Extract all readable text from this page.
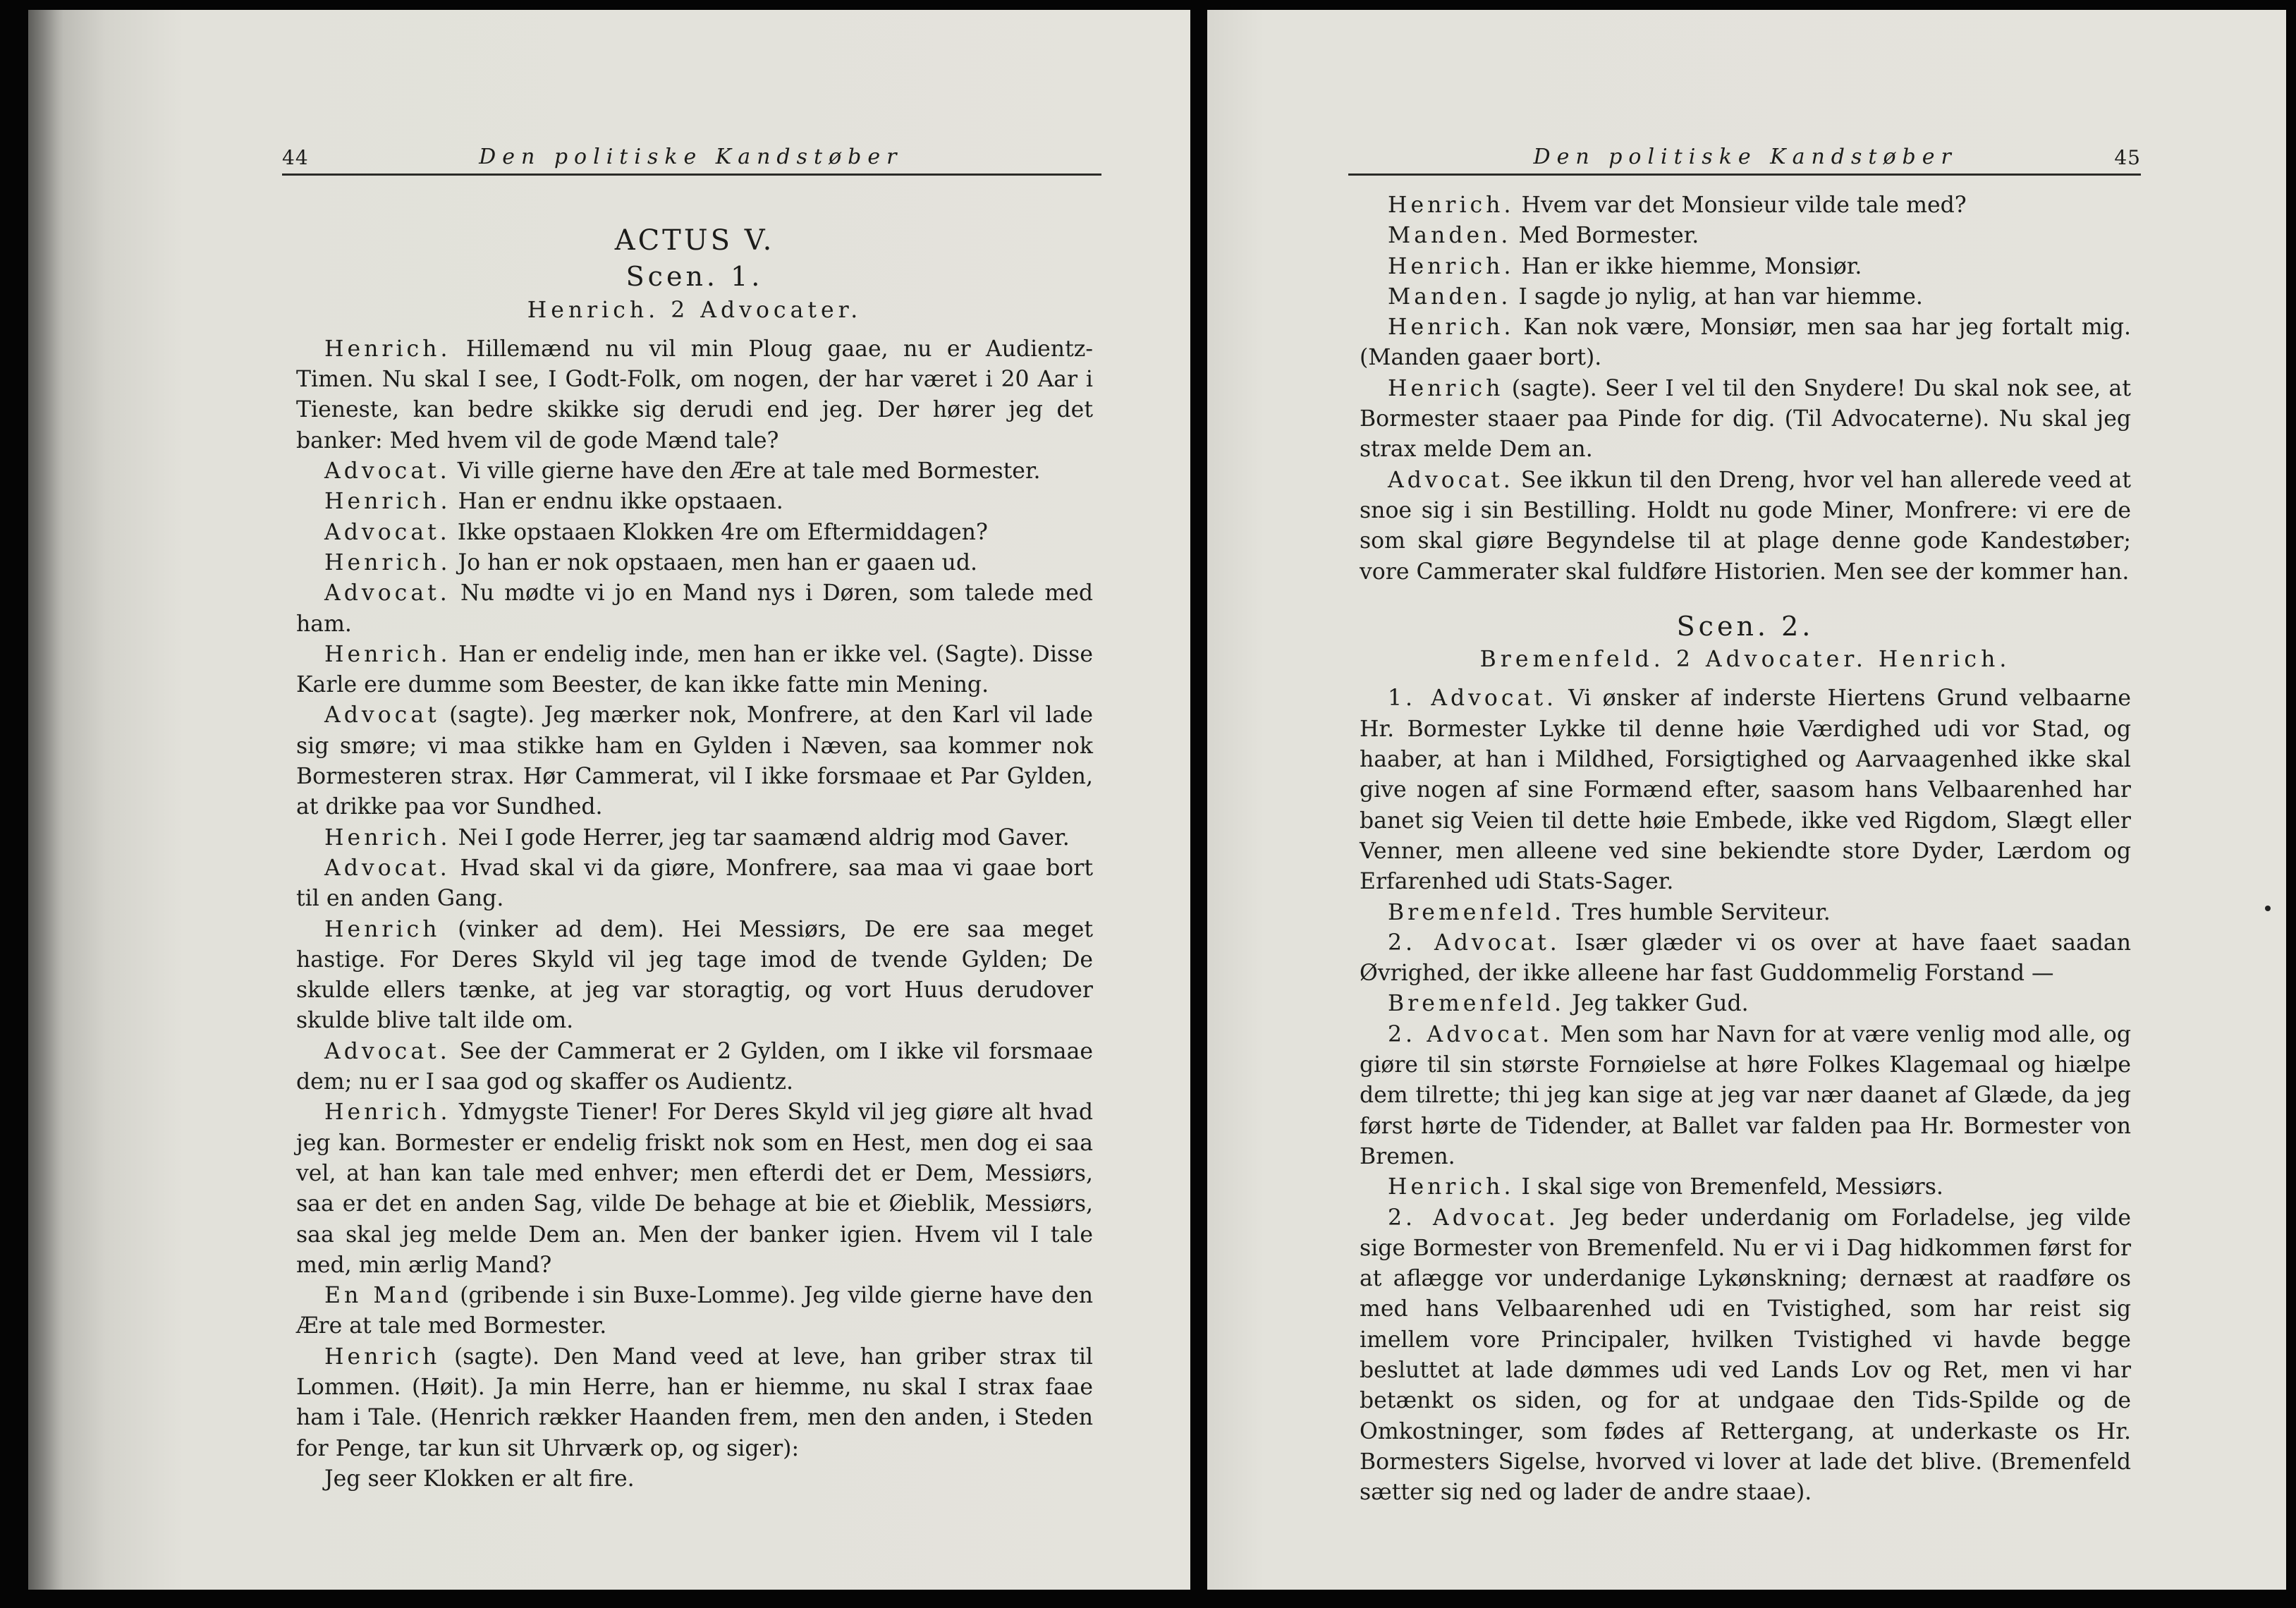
44	Den politiske Kandstøber

ACTUS V.

Scen. 1.

Henrich. 2 Advocater.

Henrich. Hillemænd nu vil min Ploug gaae, nu er Audientz-Timen. Nu skal I see, I Godt-Folk, om nogen, der har været i 20 Aar i Tieneste, kan bedre skikke sig derudi end jeg. Der hører jeg det banker: Med hvem vil de gode Mænd tale?

Advocat. Vi ville gierne have den Ære at tale med Bormester.

Henrich. Han er endnu ikke opstaaen.

Advocat. Ikke opstaaen Klokken 4re om Eftermiddagen?

Henrich. Jo han er nok opstaaen, men han er gaaen ud.

Advocat. Nu mødte vi jo en Mand nys i Døren, som talede med ham.

Henrich. Han er endelig inde, men han er ikke vel. (Sagte). Disse Karle ere dumme som Beester, de kan ikke fatte min Mening.

Advocat (sagte). Jeg mærker nok, Monfrere, at den Karl vil lade sig smøre; vi maa stikke ham en Gylden i Næven, saa kommer nok Bormesteren strax. Hør Cammerat, vil I ikke forsmaae et Par Gylden, at drikke paa vor Sundhed.

Henrich. Nei I gode Herrer, jeg tar saamænd aldrig mod Gaver.

Advocat. Hvad skal vi da giøre, Monfrere, saa maa vi gaae bort til en anden Gang.

Henrich (vinker ad dem). Hei Messiørs, De ere saa meget hastige. For Deres Skyld vil jeg tage imod de tvende Gylden; De skulde ellers tænke, at jeg var storagtig, og vort Huus derudover skulde blive talt ilde om.

Advocat. See der Cammerat er 2 Gylden, om I ikke vil forsmaae dem; nu er I saa god og skaffer os Audientz.

Henrich. Ydmygste Tiener! For Deres Skyld vil jeg giøre alt hvad jeg kan. Bormester er endelig friskt nok som en Hest, men dog ei saa vel, at han kan tale med enhver; men efterdi det er Dem, Messiørs, saa er det en anden Sag, vilde De behage at bie et Øieblik, Messiørs, saa skal jeg melde Dem an. Men der banker igien. Hvem vil I tale med, min ærlig Mand?

En Mand (gribende i sin Buxe-Lomme). Jeg vilde gierne have den Ære at tale med Bormester.

Henrich (sagte). Den Mand veed at leve, han griber strax til Lommen. (Høit). Ja min Herre, han er hiemme, nu skal I strax faae ham i Tale. (Henrich rækker Haanden frem, men den anden, i Steden for Penge, tar kun sit Uhrværk op, og siger):

Jeg seer Klokken er alt fire.

Den politiske Kandstøber	45

Henrich. Hvem var det Monsieur vilde tale med?

Manden. Med Bormester.

Henrich. Han er ikke hiemme, Monsiør.

Manden. I sagde jo nylig, at han var hiemme.

Henrich. Kan nok være, Monsiør, men saa har jeg fortalt mig. (Manden gaaer bort).

Henrich (sagte). Seer I vel til den Snydere! Du skal nok see, at Bormester staaer paa Pinde for dig. (Til Advocaterne). Nu skal jeg strax melde Dem an.

Advocat. See ikkun til den Dreng, hvor vel han allerede veed at snoe sig i sin Bestilling. Holdt nu gode Miner, Monfrere: vi ere de som skal giøre Begyndelse til at plage denne gode Kandestøber; vore Cammerater skal fuldføre Historien. Men see der kommer han.

Scen. 2.

Bremenfeld. 2 Advocater. Henrich.

1. Advocat. Vi ønsker af inderste Hiertens Grund velbaarne Hr. Bormester Lykke til denne høie Værdighed udi vor Stad, og haaber, at han i Mildhed, Forsigtighed og Aarvaagenhed ikke skal give nogen af sine Formænd efter, saasom hans Velbaarenhed har banet sig Veien til dette høie Embede, ikke ved Rigdom, Slægt eller Venner, men alleene ved sine bekiendte store Dyder, Lærdom og Erfarenhed udi Stats-Sager.

Bremenfeld. Tres humble Serviteur.

2. Advocat. Især glæder vi os over at have faaet saadan Øvrighed, der ikke alleene har fast Guddommelig Forstand —

Bremenfeld. Jeg takker Gud.

2. Advocat. Men som har Navn for at være venlig mod alle, og giøre til sin største Fornøielse at høre Folkes Klagemaal og hiælpe dem tilrette; thi jeg kan sige at jeg var nær daanet af Glæde, da jeg først hørte de Tidender, at Ballet var falden paa Hr. Bormester von Bremen.

Henrich. I skal sige von Bremenfeld, Messiørs.

2. Advocat. Jeg beder underdanig om Forladelse, jeg vilde sige Bormester von Bremenfeld. Nu er vi i Dag hidkommen først for at aflægge vor underdanige Lykønskning; dernæst at raadføre os med hans Velbaarenhed udi en Tvistighed, som har reist sig imellem vore Principaler, hvilken Tvistighed vi havde begge besluttet at lade dømmes udi ved Lands Lov og Ret, men vi har betænkt os siden, og for at undgaae den Tids-Spilde og de Omkostninger, som fødes af Rettergang, at underkaste os Hr. Bormesters Sigelse, hvorved vi lover at lade det blive. (Bremenfeld sætter sig ned og lader de andre staae).
